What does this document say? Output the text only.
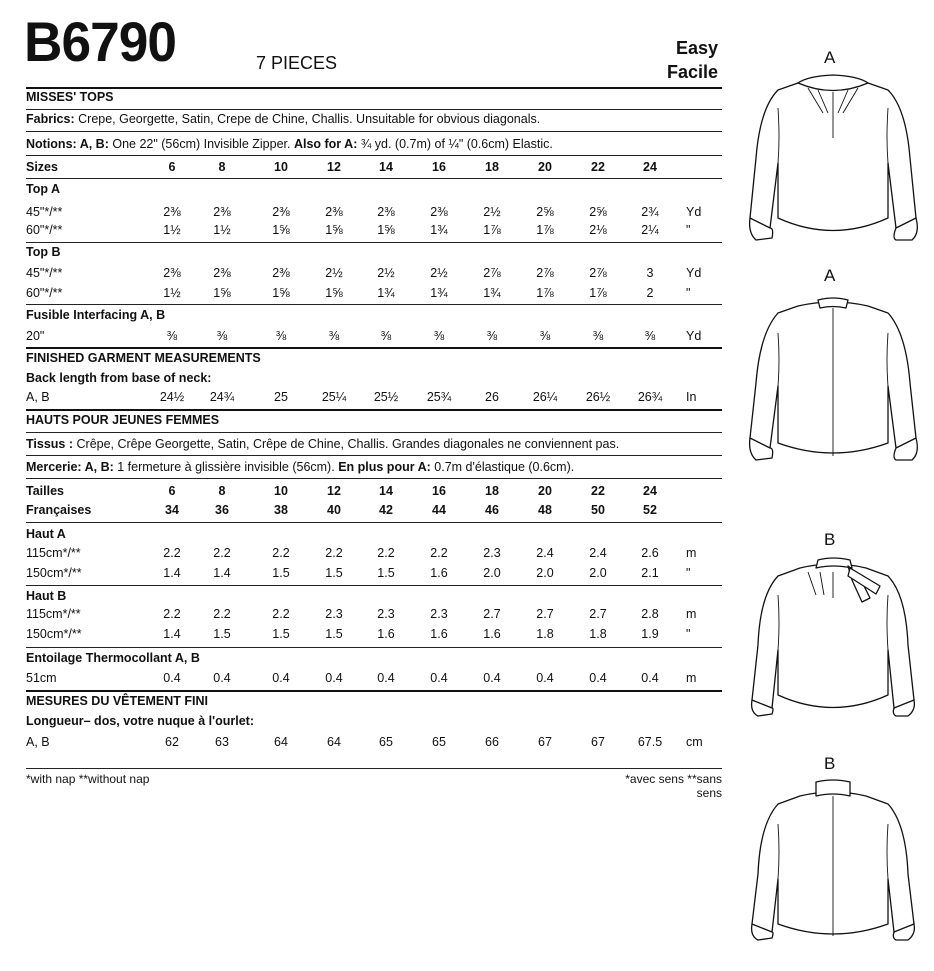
B6790	7 PIECES
Easy
Facile
MISSES' TOPS
Fabrics: Crepe, Georgette, Satin, Crepe de Chine, Challis. Unsuitable for obvious diagonals.
Notions: A, B: One 22" (56cm) Invisible Zipper. Also for A: ¾ yd. (0.7m) of ¼" (0.6cm) Elastic.
Sizes	6	8	10	12	14	16	18	20	22	24
Top A
45"*/**	2⅜	2⅜	2⅜	2⅜	2⅜	2⅜	2½	2⅝	2⅝	2¾	Yd
60"*/**	1½	1½	1⅝	1⅝	1⅝	1¾	1⅞	1⅞	2⅛	2¼	"
Top B
45"*/**	2⅜	2⅜	2⅜	2½	2½	2½	2⅞	2⅞	2⅞	3	Yd
60"*/**	1½	1⅝	1⅝	1⅝	1¾	1¾	1¾	1⅞	1⅞	2	"
Fusible Interfacing A, B
20"	⅜	⅜	⅜	⅜	⅜	⅜	⅜	⅜	⅜	⅜	Yd
FINISHED GARMENT MEASUREMENTS
Back length from base of neck:
A, B	24½	24¾	25	25¼	25½	25¾	26	26¼	26½	26¾	In
HAUTS POUR JEUNES FEMMES
Tissus : Crêpe, Crêpe Georgette, Satin, Crêpe de Chine, Challis. Grandes diagonales ne conviennent pas.
Mercerie: A, B: 1 fermeture à glissière invisible (56cm). En plus pour A: 0.7m d'élastique (0.6cm).
Tailles	6	8	10	12	14	16	18	20	22	24
Françaises	34	36	38	40	42	44	46	48	50	52
Haut A
115cm*/**	2.2	2.2	2.2	2.2	2.2	2.2	2.3	2.4	2.4	2.6	m
150cm*/**	1.4	1.4	1.5	1.5	1.5	1.6	2.0	2.0	2.0	2.1	"
Haut B
115cm*/**	2.2	2.2	2.2	2.3	2.3	2.3	2.7	2.7	2.7	2.8	m
150cm*/**	1.4	1.5	1.5	1.5	1.6	1.6	1.6	1.8	1.8	1.9	"
Entoilage Thermocollant A, B
51cm	0.4	0.4	0.4	0.4	0.4	0.4	0.4	0.4	0.4	0.4	m
MESURES DU VÊTEMENT FINI
Longueur– dos, votre nuque à l'ourlet:
A, B	62	63	64	64	65	65	66	67	67	67.5	cm
*with nap **without nap	*avec sens **sans sens
A
A
B
B
